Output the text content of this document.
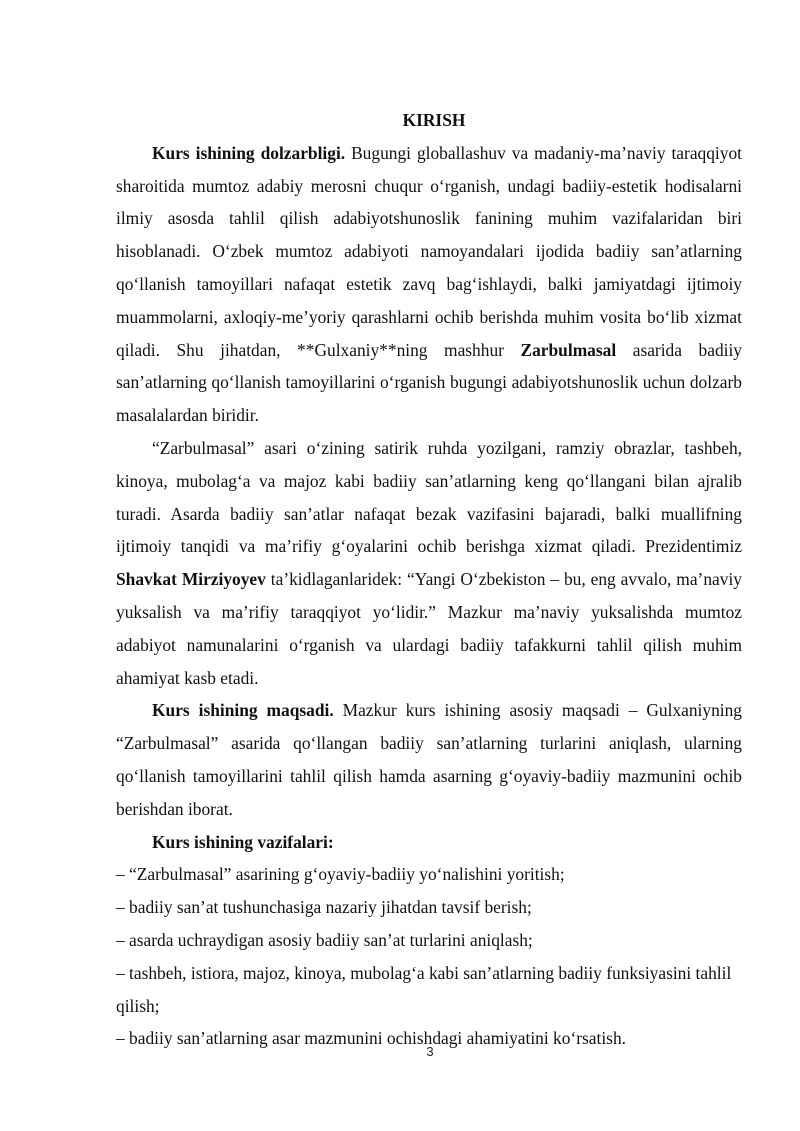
KIRISH

Kurs ishining dolzarbligi. Bugungi globallashuv va madaniy-ma’naviy taraqqiyot sharoitida mumtoz adabiy merosni chuqur o‘rganish, undagi badiiy-estetik hodisalarni ilmiy asosda tahlil qilish adabiyotshunoslik fanining muhim vazifalaridan biri hisoblanadi. O‘zbek mumtoz adabiyoti namoyandalari ijodida badiiy san’atlarning qo‘llanish tamoyillari nafaqat estetik zavq bag‘ishlaydi, balki jamiyatdagi ijtimoiy muammolarni, axloqiy-me’yoriy qarashlarni ochib berishda muhim vosita bo‘lib xizmat qiladi. Shu jihatdan, **Gulxaniy**ning mashhur Zarbulmasal asarida badiiy san’atlarning qo‘llanish tamoyillarini o‘rganish bugungi adabiyotshunoslik uchun dolzarb masalalardan biridir.

“Zarbulmasal” asari o‘zining satirik ruhda yozilgani, ramziy obrazlar, tashbeh, kinoya, mubolag‘a va majoz kabi badiiy san’atlarning keng qo‘llangani bilan ajralib turadi. Asarda badiiy san’atlar nafaqat bezak vazifasini bajaradi, balki muallifning ijtimoiy tanqidi va ma’rifiy g‘oyalarini ochib berishga xizmat qiladi. Prezidentimiz Shavkat Mirziyoyev ta’kidlaganlaridek: “Yangi O‘zbekiston – bu, eng avvalo, ma’naviy yuksalish va ma’rifiy taraqqiyot yo‘lidir.” Mazkur ma’naviy yuksalishda mumtoz adabiyot namunalarini o‘rganish va ulardagi badiiy tafakkurni tahlil qilish muhim ahamiyat kasb etadi.

Kurs ishining maqsadi. Mazkur kurs ishining asosiy maqsadi – Gulxaniyning “Zarbulmasal” asarida qo‘llangan badiiy san’atlarning turlarini aniqlash, ularning qo‘llanish tamoyillarini tahlil qilish hamda asarning g‘oyaviy-badiiy mazmunini ochib berishdan iborat.

Kurs ishining vazifalari:

– “Zarbulmasal” asarining g‘oyaviy-badiiy yo‘nalishini yoritish;

– badiiy san’at tushunchasiga nazariy jihatdan tavsif berish;

– asarda uchraydigan asosiy badiiy san’at turlarini aniqlash;

– tashbeh, istiora, majoz, kinoya, mubolag‘a kabi san’atlarning badiiy funksiyasini tahlil qilish;

– badiiy san’atlarning asar mazmunini ochishdagi ahamiyatini ko‘rsatish.

3
